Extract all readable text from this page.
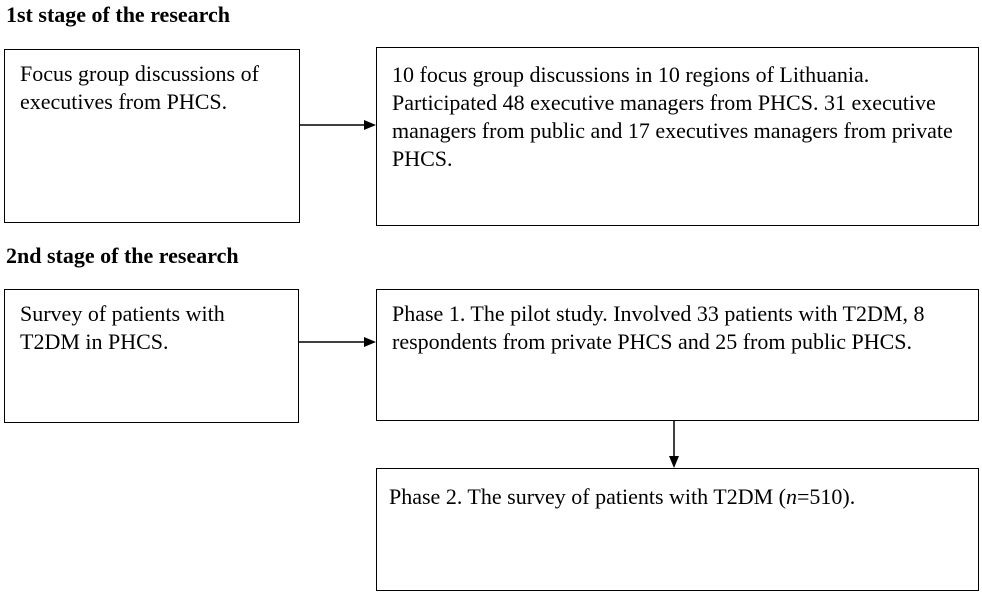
1st stage of the research
Focus group discussions of executives from PHCS.
10 focus group discussions in 10 regions of Lithuania. Participated 48 executive managers from PHCS. 31 executive managers from public and 17 executives managers from private PHCS.
2nd stage of the research
Survey of patients with T2DM in PHCS.
Phase 1. The pilot study. Involved 33 patients with T2DM, 8 respondents from private PHCS and 25 from public PHCS.
Phase 2. The survey of patients with T2DM (n=510).
